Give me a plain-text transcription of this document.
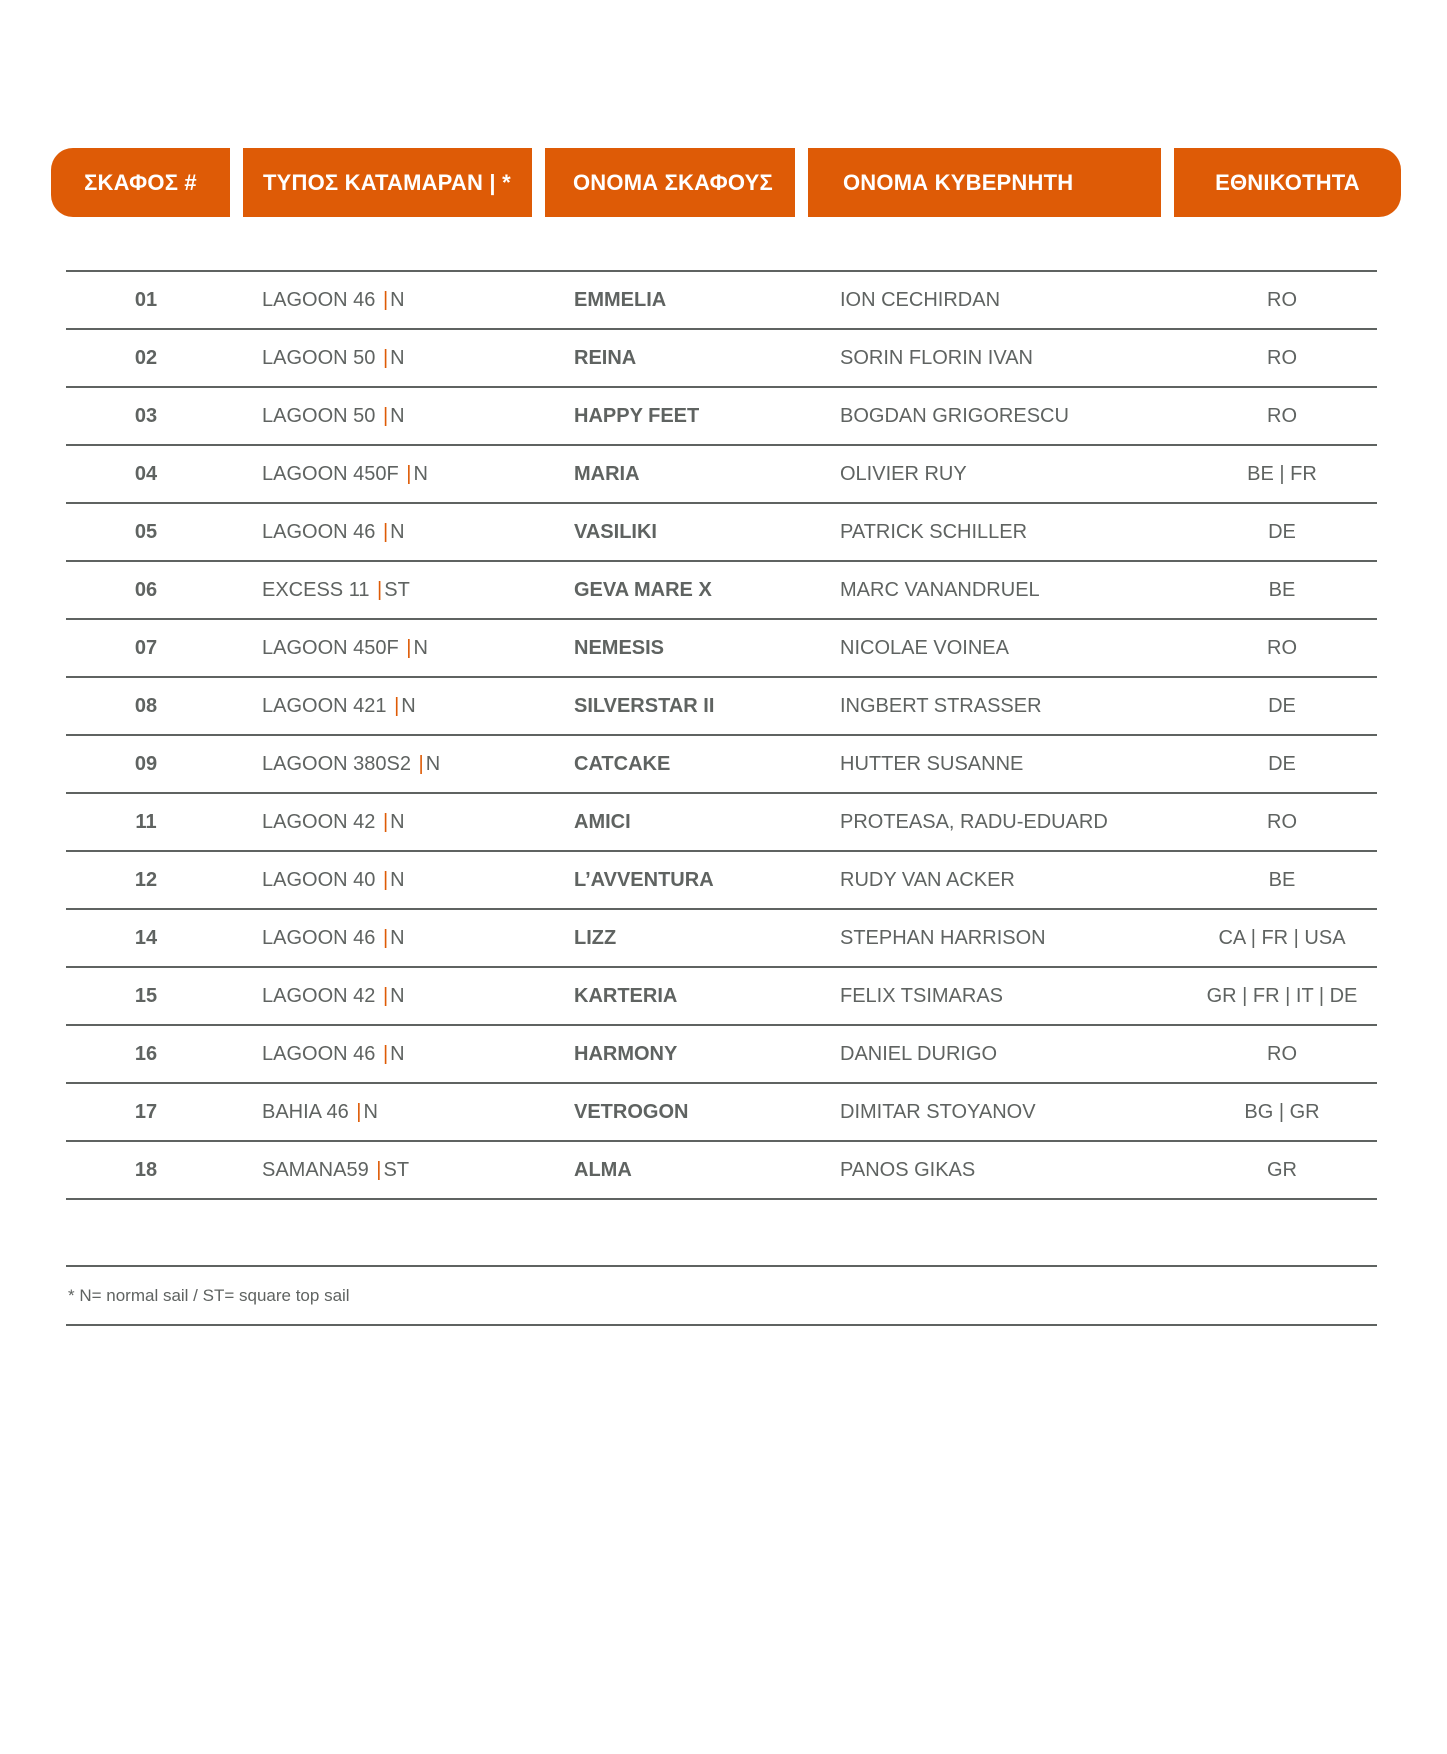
ΣΚΑΦΟΣ #	ΤΥΠΟΣ ΚΑΤΑΜΑΡΑΝ | *	ΟΝΟΜΑ ΣΚΑΦΟΥΣ	ΟΝΟΜΑ ΚΥΒΕΡΝΗΤΗ	ΕΘΝΙΚΟΤΗΤΑ
01	LAGOON 46 | N	EMMELIA	ION CECHIRDAN	RO
02	LAGOON 50 | N	REINA	SORIN FLORIN IVAN	RO
03	LAGOON 50 | N	HAPPY FEET	BOGDAN GRIGORESCU	RO
04	LAGOON 450F | N	MARIA	OLIVIER RUY	BE | FR
05	LAGOON 46 | N	VASILIKI	PATRICK SCHILLER	DE
06	EXCESS 11 | ST	GEVA MARE X	MARC VANANDRUEL	BE
07	LAGOON 450F | N	NEMESIS	NICOLAE VOINEA	RO
08	LAGOON 421 | N	SILVERSTAR II	INGBERT STRASSER	DE
09	LAGOON 380S2 | N	CATCAKE	HUTTER SUSANNE	DE
11	LAGOON 42 | N	AMICI	PROTEASA, RADU-EDUARD	RO
12	LAGOON 40 | N	L’AVVENTURA	RUDY VAN ACKER	BE
14	LAGOON 46 | N	LIZZ	STEPHAN HARRISON	CA | FR | USA
15	LAGOON 42 | N	KARTERIA	FELIX TSIMARAS	GR | FR | IT | DE
16	LAGOON 46 | N	HARMONY	DANIEL DURIGO	RO
17	BAHIA 46 | N	VETROGON	DIMITAR STOYANOV	BG | GR
18	SAMANA59 | ST	ALMA	PANOS GIKAS	GR
* N= normal sail / ST= square top sail
